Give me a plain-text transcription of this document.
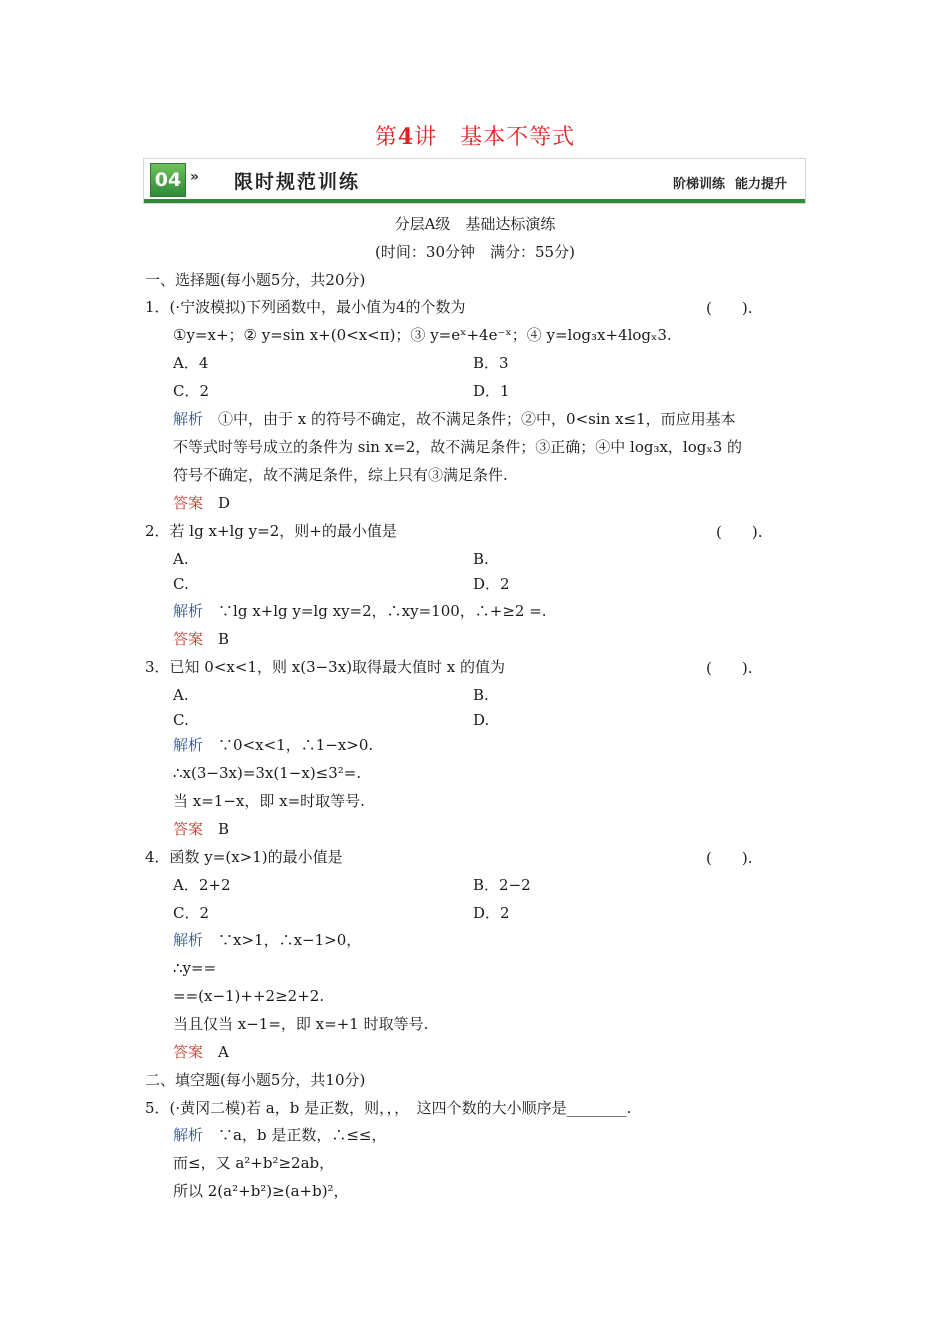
第4讲　基本不等式
04 » 限时规范训练	阶梯训练 能力提升
分层A级　基础达标演练
(时间：30分钟　满分：55分)
一、选择题(每小题5分，共20分)
1．(·宁波模拟)下列函数中，最小值为4的个数为	(　　).
①y=x+；② y=sin x+(0<x<π)；③ y=eˣ+4e⁻ˣ；④ y=log₃x+4logₓ3.
A．4	B．3
C．2	D．1
解析　 ①中，由于 x 的符号不确定，故不满足条件；②中，0<sin x≤1，而应用基本
不等式时等号成立的条件为 sin x=2，故不满足条件；③正确；④中 log₃x，logₓ3 的
符号不确定，故不满足条件，综上只有③满足条件.
答案　 D
2．若 lg x+lg y=2，则+的最小值是	(　　).
A.	B.
C.	D．2
解析　 ∵lg x+lg y=lg xy=2，∴xy=100，∴+≥2 =.
答案　 B
3．已知 0<x<1，则 x(3−3x)取得最大值时 x 的值为	(　　).
A.	B.
C.	D.
解析　 ∵0<x<1，∴1−x>0.
∴x(3−3x)=3x(1−x)≤3²=.
当 x=1−x，即 x=时取等号.
答案　 B
4．函数 y=(x>1)的最小值是	(　　).
A．2+2	B．2−2
C．2	D．2
解析　 ∵x>1，∴x−1>0，
∴y==
==(x−1)++2≥2+2.
当且仅当 x−1=，即 x=+1 时取等号.
答案　 A
二、填空题(每小题5分，共10分)
5．(·黄冈二模)若 a，b 是正数，则，，，　这四个数的大小顺序是________.
解析　 ∵a，b 是正数，∴≤≤，
而≤，又 a²+b²≥2ab，
所以 2(a²+b²)≥(a+b)²，
